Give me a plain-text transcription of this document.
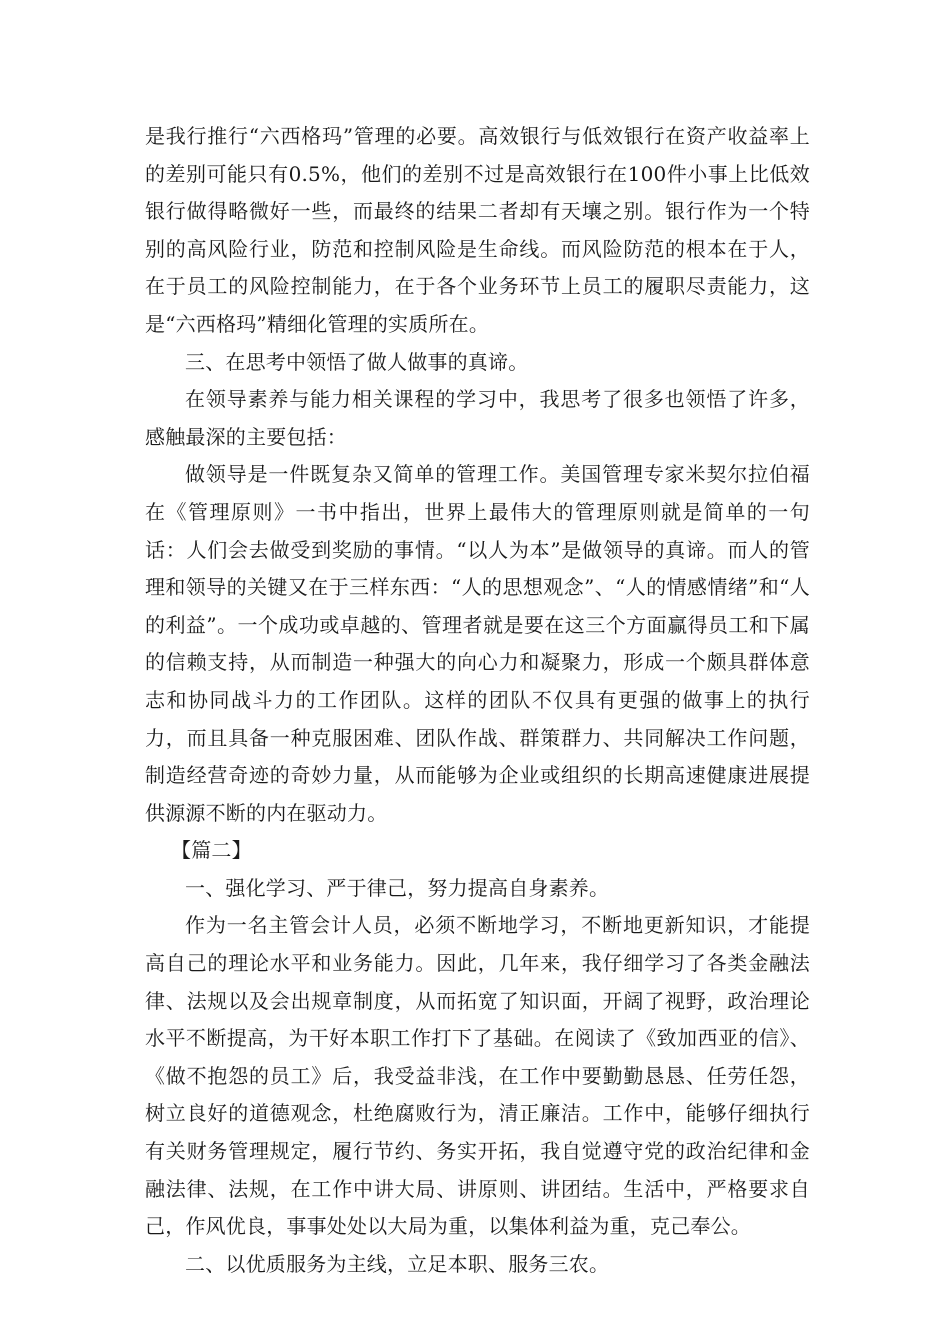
是我行推行“六西格玛”管理的必要。高效银行与低效银行在资产收益率上的差别可能只有0.5%，他们的差别不过是高效银行在100件小事上比低效银行做得略微好一些，而最终的结果二者却有天壤之别。银行作为一个特别的高风险行业，防范和控制风险是生命线。而风险防范的根本在于人，在于员工的风险控制能力，在于各个业务环节上员工的履职尽责能力，这是“六西格玛”精细化管理的实质所在。

三、在思考中领悟了做人做事的真谛。

在领导素养与能力相关课程的学习中，我思考了很多也领悟了许多，感触最深的主要包括：

做领导是一件既复杂又简单的管理工作。美国管理专家米契尔拉伯福在《管理原则》一书中指出，世界上最伟大的管理原则就是简单的一句话：人们会去做受到奖励的事情。“以人为本”是做领导的真谛。而人的管理和领导的关键又在于三样东西：“人的思想观念”、“人的情感情绪”和“人的利益”。一个成功或卓越的、管理者就是要在这三个方面赢得员工和下属的信赖支持，从而制造一种强大的向心力和凝聚力，形成一个颇具群体意志和协同战斗力的工作团队。这样的团队不仅具有更强的做事上的执行力，而且具备一种克服困难、团队作战、群策群力、共同解决工作问题，制造经营奇迹的奇妙力量，从而能够为企业或组织的长期高速健康进展提供源源不断的内在驱动力。

【篇二】

一、强化学习、严于律己，努力提高自身素养。

作为一名主管会计人员，必须不断地学习，不断地更新知识，才能提高自己的理论水平和业务能力。因此，几年来，我仔细学习了各类金融法律、法规以及会出规章制度，从而拓宽了知识面，开阔了视野，政治理论水平不断提高，为干好本职工作打下了基础。在阅读了《致加西亚的信》、《做不抱怨的员工》后，我受益非浅，在工作中要勤勤恳恳、任劳任怨，树立良好的道德观念，杜绝腐败行为，清正廉洁。工作中，能够仔细执行有关财务管理规定，履行节约、务实开拓，我自觉遵守党的政治纪律和金融法律、法规，在工作中讲大局、讲原则、讲团结。生活中，严格要求自己，作风优良，事事处处以大局为重，以集体利益为重，克己奉公。

二、以优质服务为主线，立足本职、服务三农。
